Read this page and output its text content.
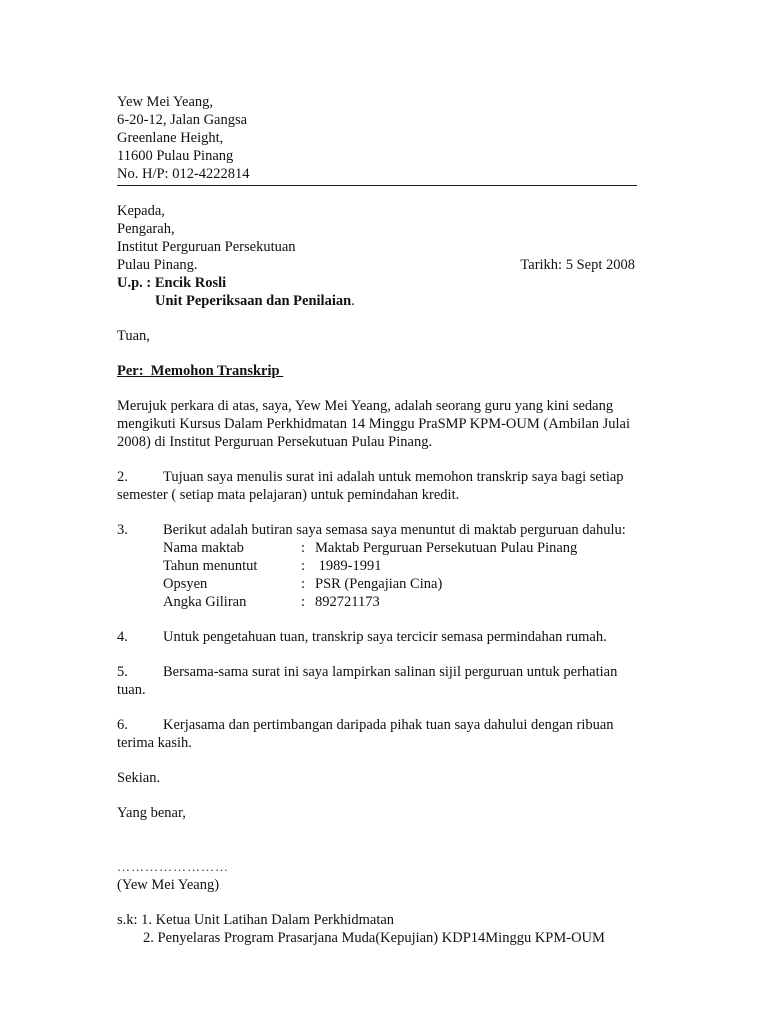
Yew Mei Yeang,
6-20-12, Jalan Gangsa
Greenlane Height,
11600 Pulau Pinang
No. H/P: 012-4222814
Kepada,
Pengarah,
Institut Perguruan Persekutuan
Pulau Pinang.	Tarikh: 5 Sept 2008
U.p. : Encik Rosli
Unit Peperiksaan dan Penilaian.
Tuan,
Per:  Memohon Transkrip
Merujuk perkara di atas, saya, Yew Mei Yeang, adalah seorang guru yang kini sedang mengikuti Kursus Dalam Perkhidmatan 14 Minggu PraSMP KPM-OUM (Ambilan Julai 2008) di Institut Perguruan Persekutuan Pulau Pinang.
2. Tujuan saya menulis surat ini adalah untuk memohon transkrip saya bagi setiap semester ( setiap mata pelajaran) untuk pemindahan kredit.
3. Berikut adalah butiran saya semasa saya menuntut di maktab perguruan dahulu:
Nama maktab	: Maktab Perguruan Persekutuan Pulau Pinang
Tahun menuntut	: 1989-1991
Opsyen	: PSR (Pengajian Cina)
Angka Giliran	: 892721173
4. Untuk pengetahuan tuan, transkrip saya tercicir semasa permindahan rumah.
5. Bersama-sama surat ini saya lampirkan salinan sijil perguruan untuk perhatian tuan.
6. Kerjasama dan pertimbangan daripada pihak tuan saya dahului dengan ribuan terima kasih.
Sekian.
Yang benar,
……………………
(Yew Mei Yeang)
s.k: 1. Ketua Unit Latihan Dalam Perkhidmatan
2. Penyelaras Program Prasarjana Muda(Kepujian) KDP14Minggu KPM-OUM
